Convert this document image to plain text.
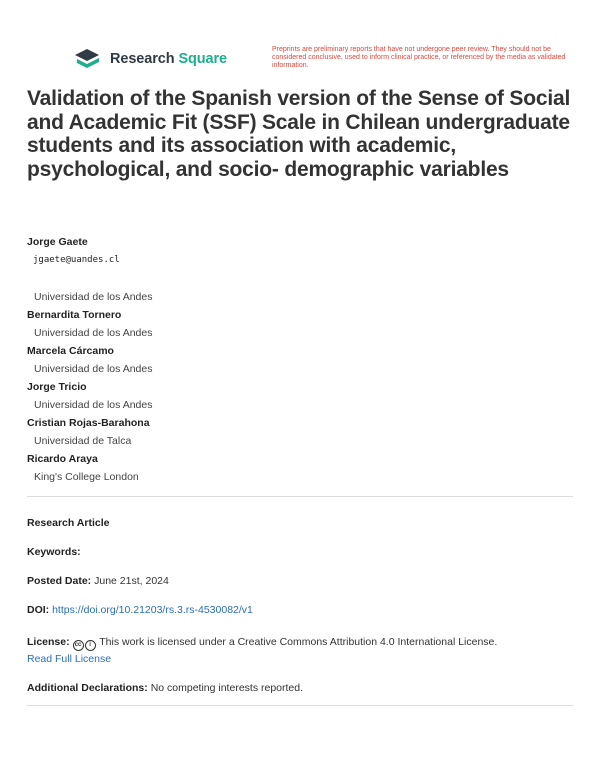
Research Square
Preprints are preliminary reports that have not undergone peer review. They should not be considered conclusive, used to inform clinical practice, or referenced by the media as validated information.
Validation of the Spanish version of the Sense of Social and Academic Fit (SSF) Scale in Chilean undergraduate students and its association with academic, psychological, and socio- demographic variables
Jorge Gaete
jgaete@uandes.cl
Universidad de los Andes
Bernardita Tornero
Universidad de los Andes
Marcela Cárcamo
Universidad de los Andes
Jorge Tricio
Universidad de los Andes
Cristian Rojas-Barahona
Universidad de Talca
Ricardo Araya
King's College London
Research Article
Keywords:
Posted Date: June 21st, 2024
DOI: https://doi.org/10.21203/rs.3.rs-4530082/v1
License: cc i This work is licensed under a Creative Commons Attribution 4.0 International License.
Read Full License
Additional Declarations: No competing interests reported.
